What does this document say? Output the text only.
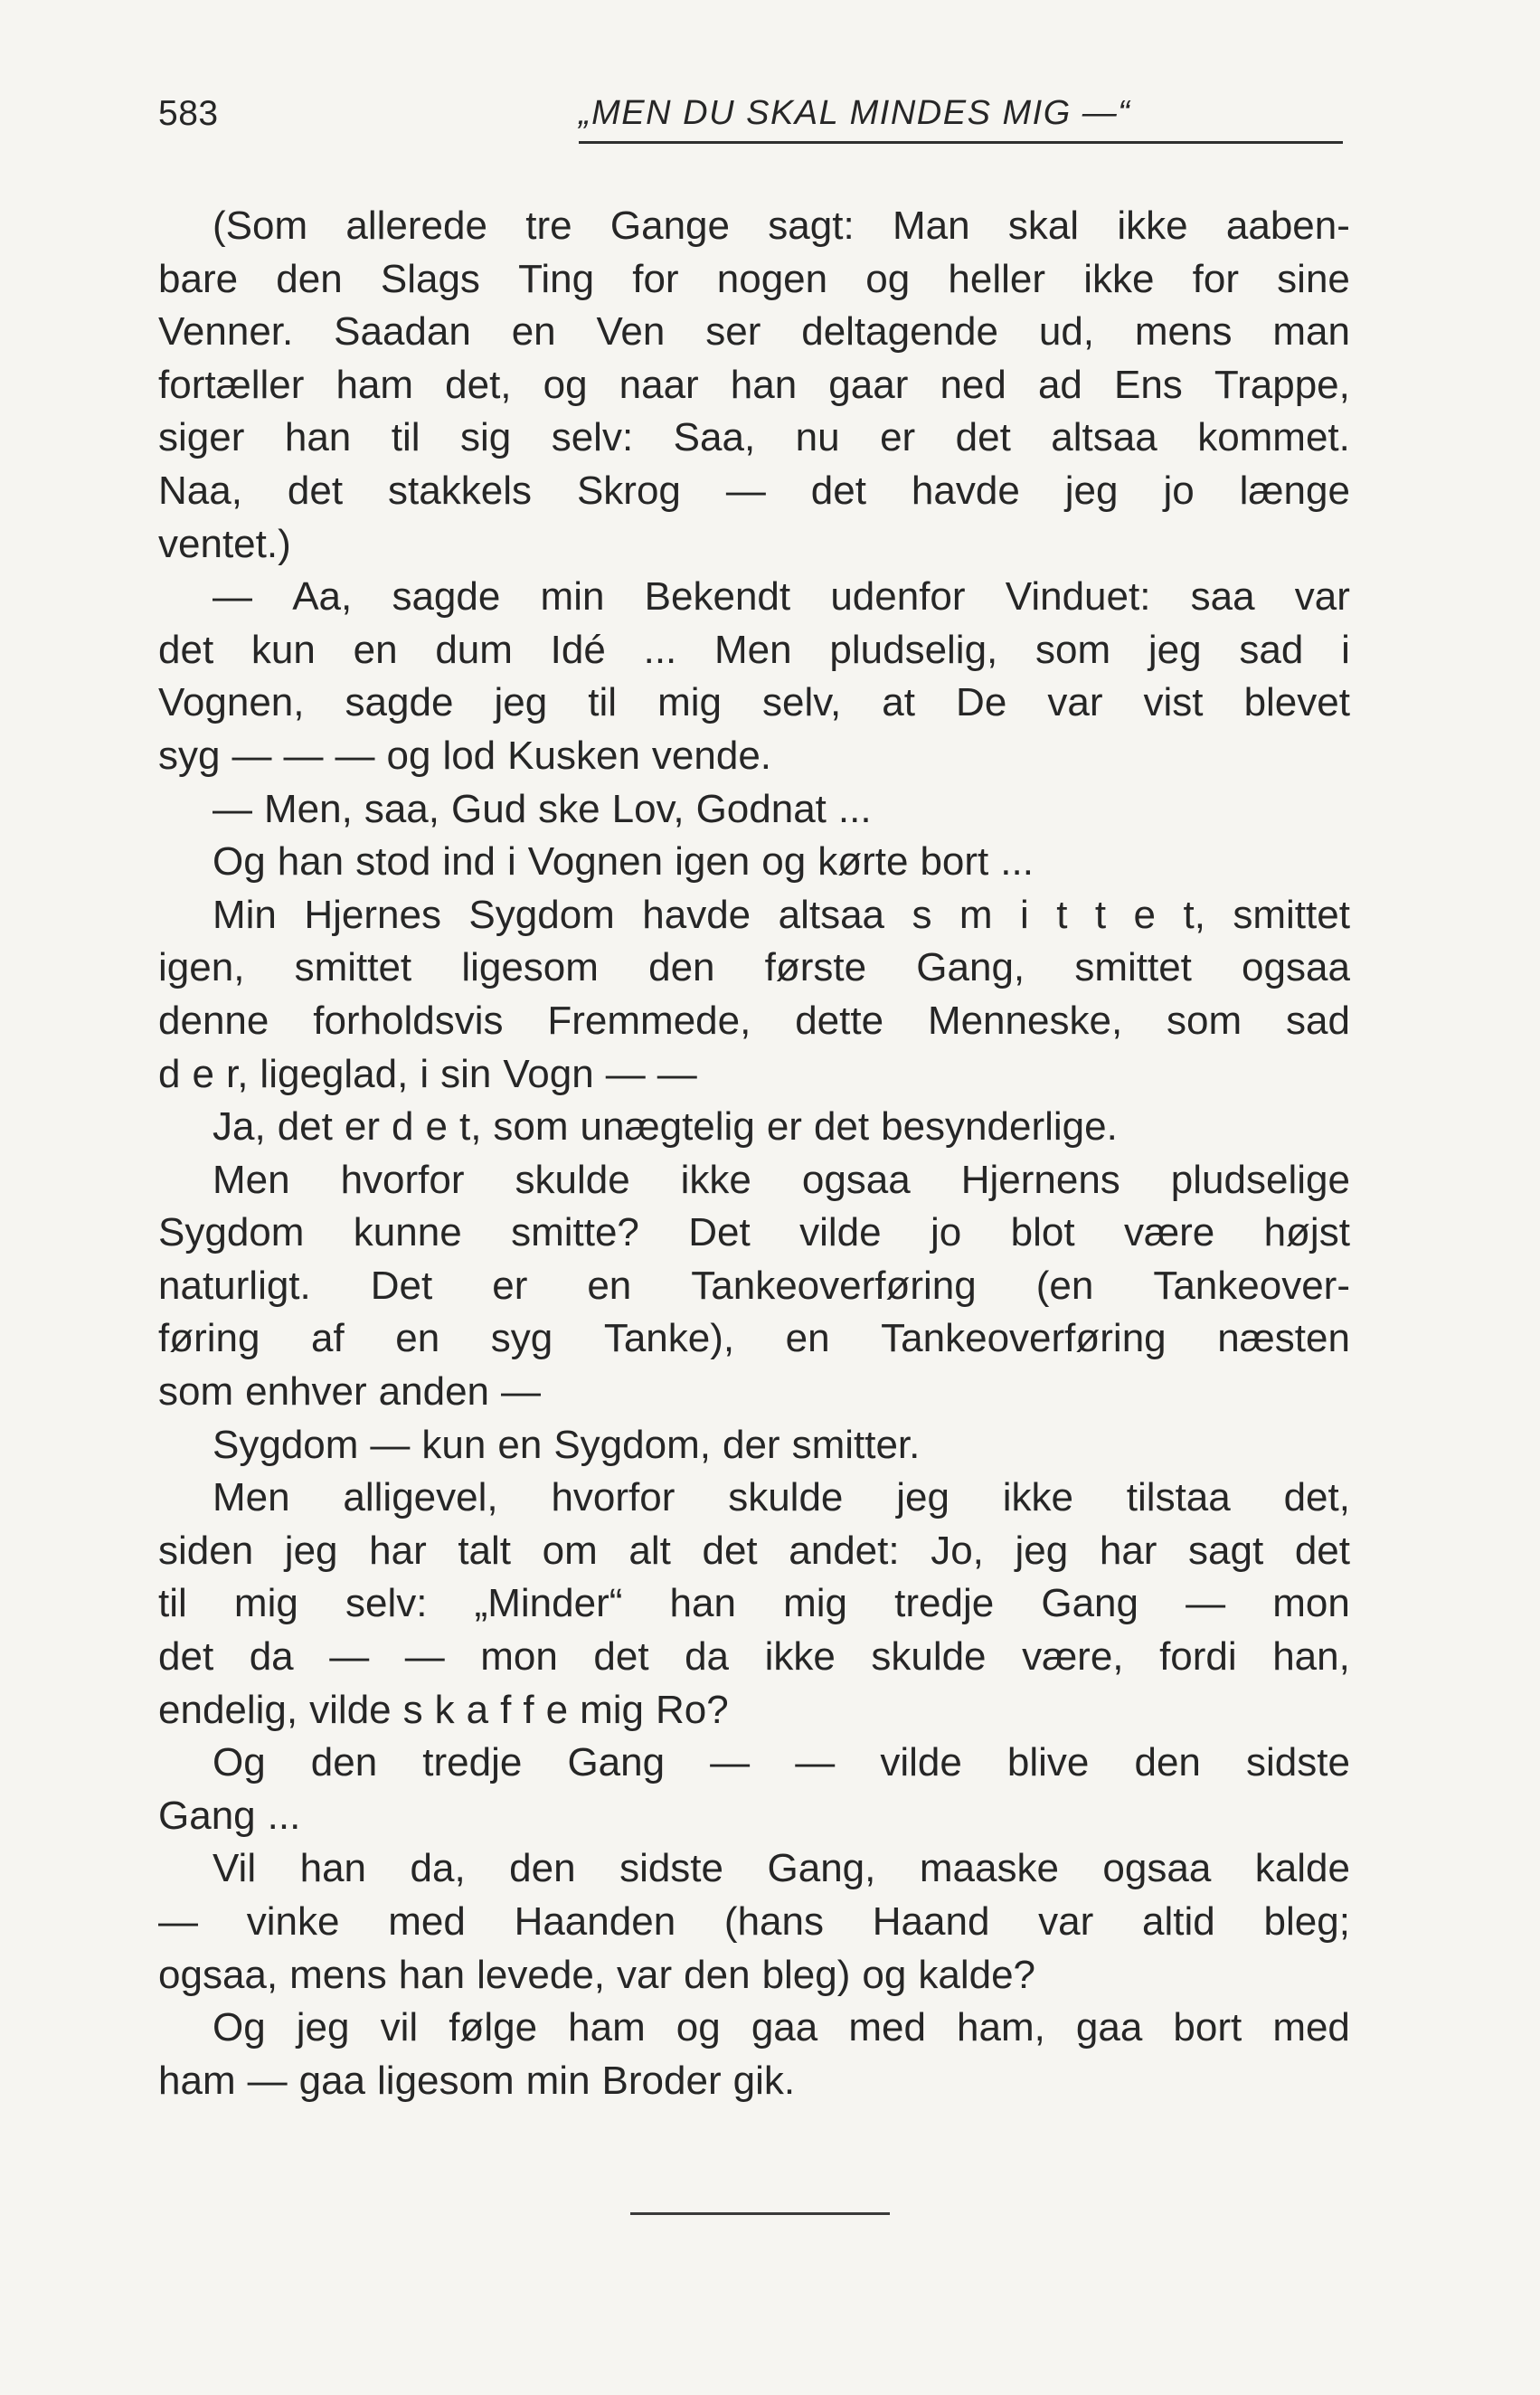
583	„MEN DU SKAL MINDES MIG —“
(Som allerede tre Gange sagt: Man skal ikke aaben-
bare den Slags Ting for nogen og heller ikke for sine
Venner. Saadan en Ven ser deltagende ud, mens man
fortæller ham det, og naar han gaar ned ad Ens Trappe,
siger han til sig selv: Saa, nu er det altsaa kommet.
Naa, det stakkels Skrog — det havde jeg jo længe
ventet.)
— Aa, sagde min Bekendt udenfor Vinduet: saa var
det kun en dum Idé ... Men pludselig, som jeg sad i
Vognen, sagde jeg til mig selv, at De var vist blevet
syg — — — og lod Kusken vende.
— Men, saa, Gud ske Lov, Godnat ...
Og han stod ind i Vognen igen og kørte bort ...
Min Hjernes Sygdom havde altsaa s m i t t e t, smittet
igen, smittet ligesom den første Gang, smittet ogsaa
denne forholdsvis Fremmede, dette Menneske, som sad
d e r, ligeglad, i sin Vogn — —
Ja, det er d e t, som unægtelig er det besynderlige.
Men hvorfor skulde ikke ogsaa Hjernens pludselige
Sygdom kunne smitte? Det vilde jo blot være højst
naturligt. Det er en Tankeoverføring (en Tankeover-
føring af en syg Tanke), en Tankeoverføring næsten
som enhver anden —
Sygdom — kun en Sygdom, der smitter.
Men alligevel, hvorfor skulde jeg ikke tilstaa det,
siden jeg har talt om alt det andet: Jo, jeg har sagt det
til mig selv: „Minder“ han mig tredje Gang — mon
det da — — mon det da ikke skulde være, fordi han,
endelig, vilde s k a f f e mig Ro?
Og den tredje Gang — — vilde blive den sidste
Gang ...
Vil han da, den sidste Gang, maaske ogsaa kalde
— vinke med Haanden (hans Haand var altid bleg;
ogsaa, mens han levede, var den bleg) og kalde?
Og jeg vil følge ham og gaa med ham, gaa bort med
ham — gaa ligesom min Broder gik.
